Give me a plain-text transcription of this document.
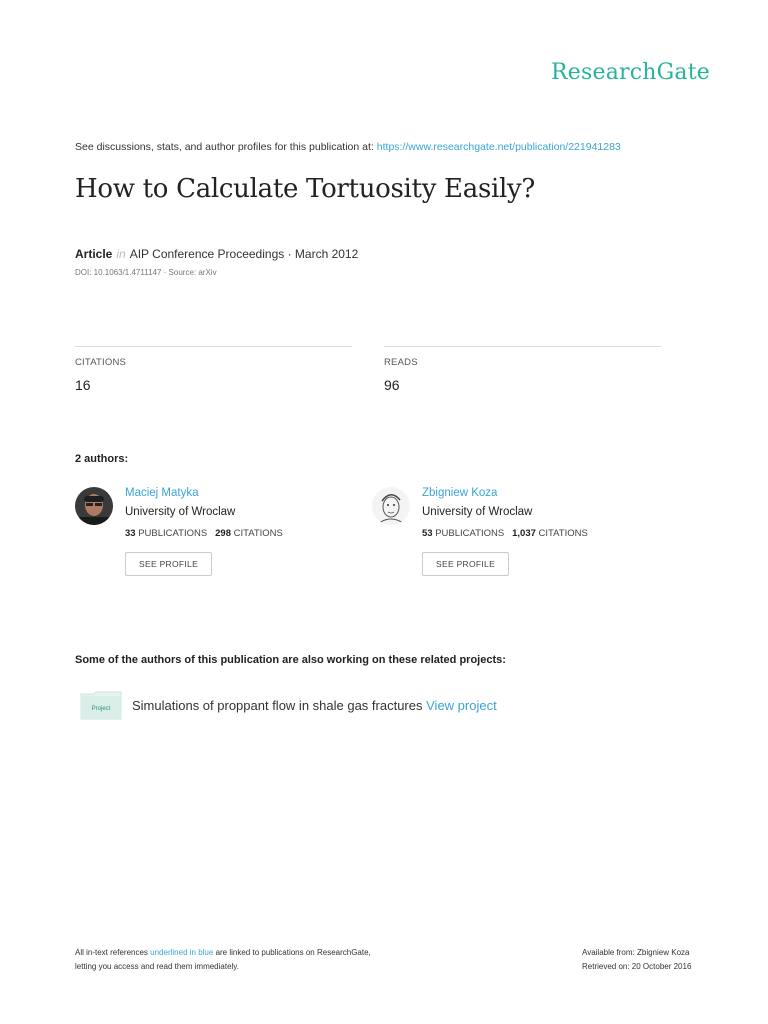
ResearchGate
See discussions, stats, and author profiles for this publication at: https://www.researchgate.net/publication/221941283
How to Calculate Tortuosity Easily?
Article in AIP Conference Proceedings · March 2012
DOI: 10.1063/1.4711147 · Source: arXiv
CITATIONS
16
READS
96
2 authors:
Maciej Matyka
University of Wroclaw
33 PUBLICATIONS 298 CITATIONS
SEE PROFILE
Zbigniew Koza
University of Wroclaw
53 PUBLICATIONS 1,037 CITATIONS
SEE PROFILE
Some of the authors of this publication are also working on these related projects:
Project Simulations of proppant flow in shale gas fractures View project
All in-text references underlined in blue are linked to publications on ResearchGate,
letting you access and read them immediately.
Available from: Zbigniew Koza
Retrieved on: 20 October 2016
